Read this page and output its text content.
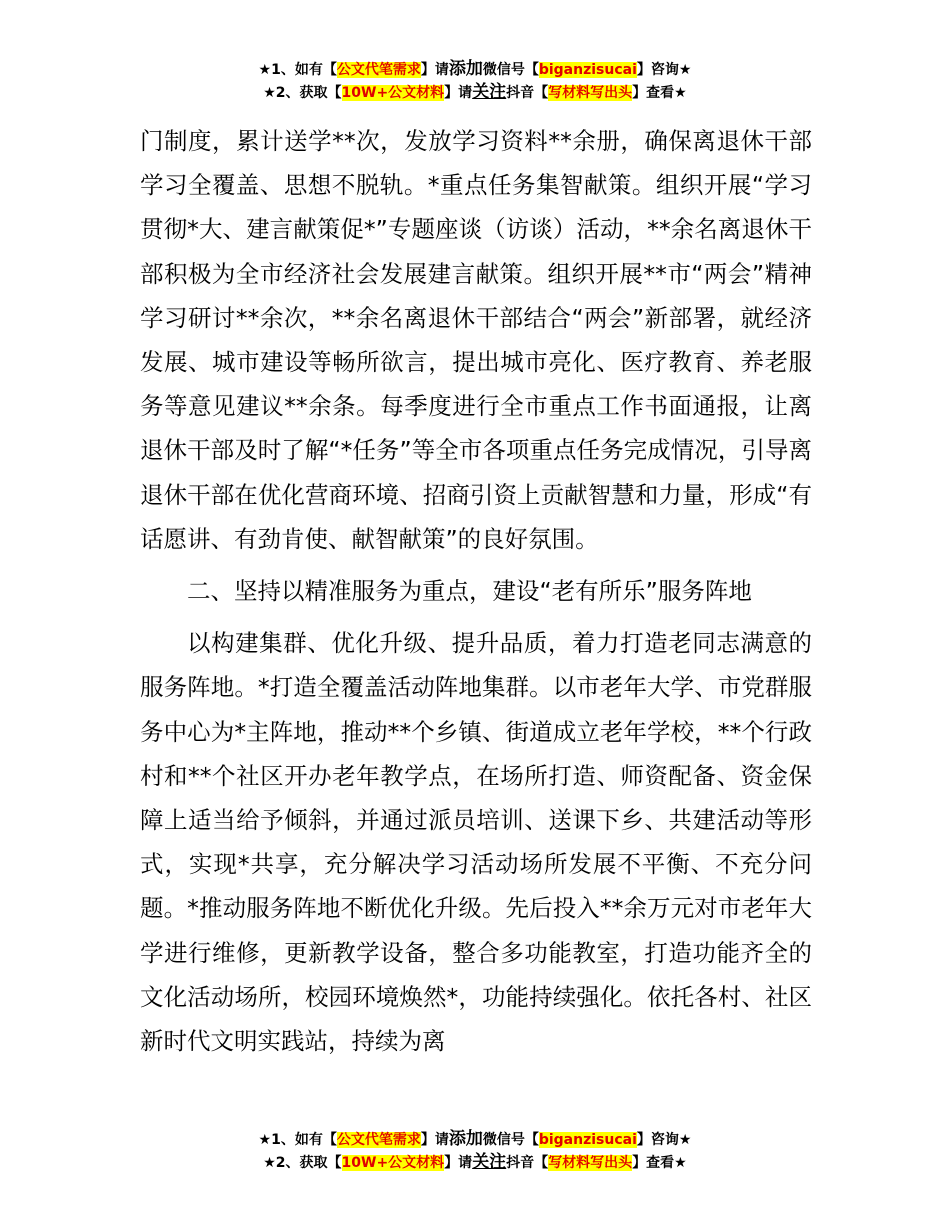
★1、如有【公文代笔需求】请添加微信号【biganzisucai】咨询★
★2、获取【10W+公文材料】请关注抖音【写材料写出头】查看★

门制度，累计送学**次，发放学习资料**余册，确保离退休干部学习全覆盖、思想不脱轨。*重点任务集智献策。组织开展“学习贯彻*大、建言献策促*”专题座谈（访谈）活动，**余名离退休干部积极为全市经济社会发展建言献策。组织开展**市“两会”精神学习研讨**余次，**余名离退休干部结合“两会”新部署，就经济发展、城市建设等畅所欲言，提出城市亮化、医疗教育、养老服务等意见建议**余条。每季度进行全市重点工作书面通报，让离退休干部及时了解“*任务”等全市各项重点任务完成情况，引导离退休干部在优化营商环境、招商引资上贡献智慧和力量，形成“有话愿讲、有劲肯使、献智献策”的良好氛围。

二、坚持以精准服务为重点，建设“老有所乐”服务阵地

以构建集群、优化升级、提升品质，着力打造老同志满意的服务阵地。*打造全覆盖活动阵地集群。以市老年大学、市党群服务中心为*主阵地，推动**个乡镇、街道成立老年学校，**个行政村和**个社区开办老年教学点，在场所打造、师资配备、资金保障上适当给予倾斜，并通过派员培训、送课下乡、共建活动等形式，实现*共享，充分解决学习活动场所发展不平衡、不充分问题。*推动服务阵地不断优化升级。先后投入**余万元对市老年大学进行维修，更新教学设备，整合多功能教室，打造功能齐全的文化活动场所，校园环境焕然*，功能持续强化。依托各村、社区新时代文明实践站，持续为离

★1、如有【公文代笔需求】请添加微信号【biganzisucai】咨询★
★2、获取【10W+公文材料】请关注抖音【写材料写出头】查看★
